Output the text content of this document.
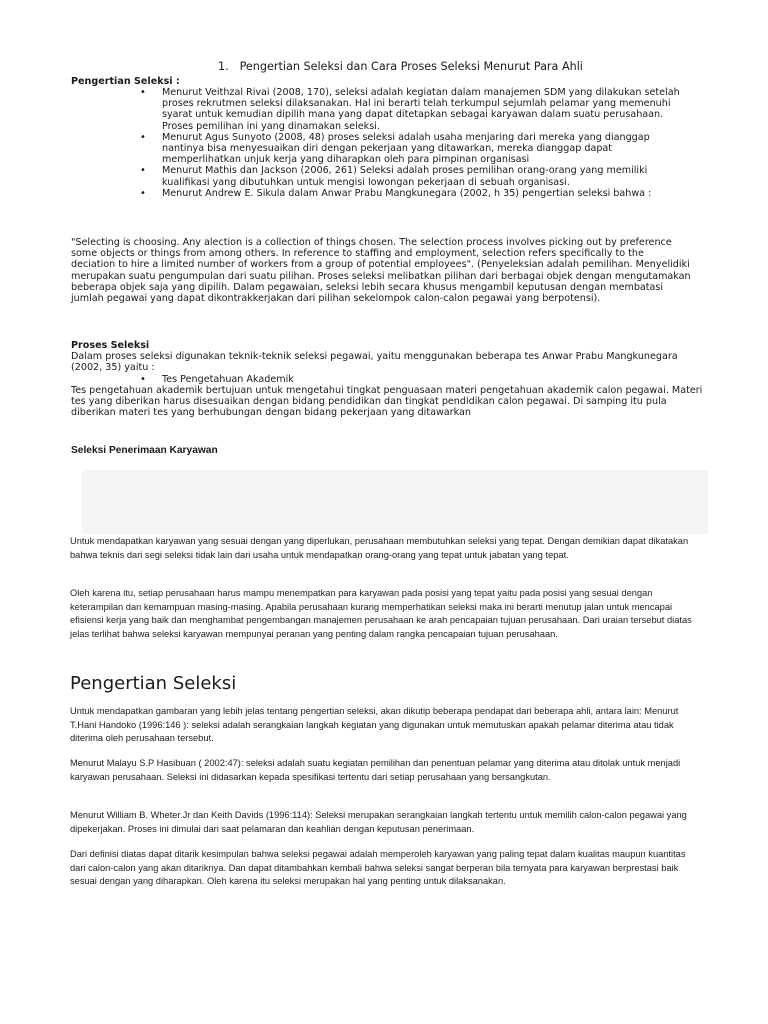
1. Pengertian Seleksi dan Cara Proses Seleksi Menurut Para Ahli
Pengertian Seleksi :
• Menurut Veithzal Rivai (2008, 170), seleksi adalah kegiatan dalam manajemen SDM yang dilakukan setelah proses rekrutmen seleksi dilaksanakan. Hal ini berarti telah terkumpul sejumlah pelamar yang memenuhi syarat untuk kemudian dipilih mana yang dapat ditetapkan sebagai karyawan dalam suatu perusahaan. Proses pemilihan ini yang dinamakan seleksi.
• Menurut Agus Sunyoto (2008, 48) proses seleksi adalah usaha menjaring dari mereka yang dianggap nantinya bisa menyesuaikan diri dengan pekerjaan yang ditawarkan, mereka dianggap dapat memperlihatkan unjuk kerja yang diharapkan oleh para pimpinan organisasi
• Menurut Mathis dan Jackson (2006, 261) Seleksi adalah proses pemilihan orang-orang yang memiliki kualifikasi yang dibutuhkan untuk mengisi lowongan pekerjaan di sebuah organisasi.
• Menurut Andrew E. Sikula dalam Anwar Prabu Mangkunegara (2002, h 35) pengertian seleksi bahwa :

"Selecting is choosing. Any alection is a collection of things chosen. The selection process involves picking out by preference some objects or things from among others. In reference to staffing and employment, selection refers specifically to the deciation to hire a limited number of workers from a group of potential employees". (Penyeleksian adalah pemilihan. Menyelidiki merupakan suatu pengumpulan dari suatu pilihan. Proses seleksi melibatkan pilihan dari berbagai objek dengan mengutamakan beberapa objek saja yang dipilih. Dalam pegawaian, seleksi lebih secara khusus mengambil keputusan dengan membatasi jumlah pegawai yang dapat dikontrakkerjakan dari pilihan sekelompok calon-calon pegawai yang berpotensi).

Proses Seleksi

Dalam proses seleksi digunakan teknik-teknik seleksi pegawai, yaitu menggunakan beberapa tes Anwar Prabu Mangkunegara (2002, 35) yaitu :

• Tes Pengetahuan Akademik

Tes pengetahuan akademik bertujuan untuk mengetahui tingkat penguasaan materi pengetahuan akademik calon pegawai. Materi tes yang diberikan harus disesuaikan dengan bidang pendidikan dan tingkat pendidikan calon pegawai. Di samping itu pula diberikan materi tes yang berhubungan dengan bidang pekerjaan yang ditawarkan

Seleksi Penerimaan Karyawan

Untuk mendapatkan karyawan yang sesuai dengan yang diperlukan, perusahaan membutuhkan seleksi yang tepat. Dengan demikian dapat dikatakan bahwa teknis dari segi seleksi tidak lain dari usaha untuk mendapatkan orang-orang yang tepat untuk jabatan yang tepat.

Oleh karena itu, setiap perusahaan harus mampu menempatkan para karyawan pada posisi yang tepat yaitu pada posisi yang sesuai dengan keterampilan dan kemampuan masing-masing. Apabila perusahaan kurang memperhatikan seleksi maka ini berarti menutup jalan untuk mencapai efisiensi kerja yang baik dan menghambat pengembangan manajemen perusahaan ke arah pencapaian tujuan perusahaan. Dari uraian tersebut diatas jelas terlihat bahwa seleksi karyawan mempunyai peranan yang penting dalam rangka pencapaian tujuan perusahaan.

Pengertian Seleksi

Untuk mendapatkan gambaran yang lebih jelas tentang pengertian seleksi, akan dikutip beberapa pendapat dari beberapa ahli, antara lain: Menurut T.Hani Handoko (1996:146 ): seleksi adalah serangkaian langkah kegiatan yang digunakan untuk memutuskan apakah pelamar diterima atau tidak diterima oleh perusahaan tersebut.

Menurut Malayu S.P Hasibuan ( 2002:47): seleksi adalah suatu kegiatan pemilihan dan penentuan pelamar yang diterima atau ditolak untuk menjadi karyawan perusahaan. Seleksi ini didasarkan kepada spesifikasi tertentu dari setiap perusahaan yang bersangkutan.

Menurut William B. Wheter.Jr dan Keith Davids (1996:114): Seleksi merupakan serangkaian langkah tertentu untuk memilih calon-calon pegawai yang dipekerjakan. Proses ini dimulai dari saat pelamaran dan keahlian dengan keputusan penerimaan.

Dari definisi diatas dapat ditarik kesimpulan bahwa seleksi pegawai adalah memperoleh karyawan yang paling tepat dalam kualitas maupun kuantitas dari calon-calon yang akan ditariknya. Dan dapat ditambahkan kembali bahwa seleksi sangat berperan bila ternyata para karyawan berprestasi baik sesuai dengan yang diharapkan. Oleh karena itu seleksi merupakan hal yang penting untuk dilaksanakan.
